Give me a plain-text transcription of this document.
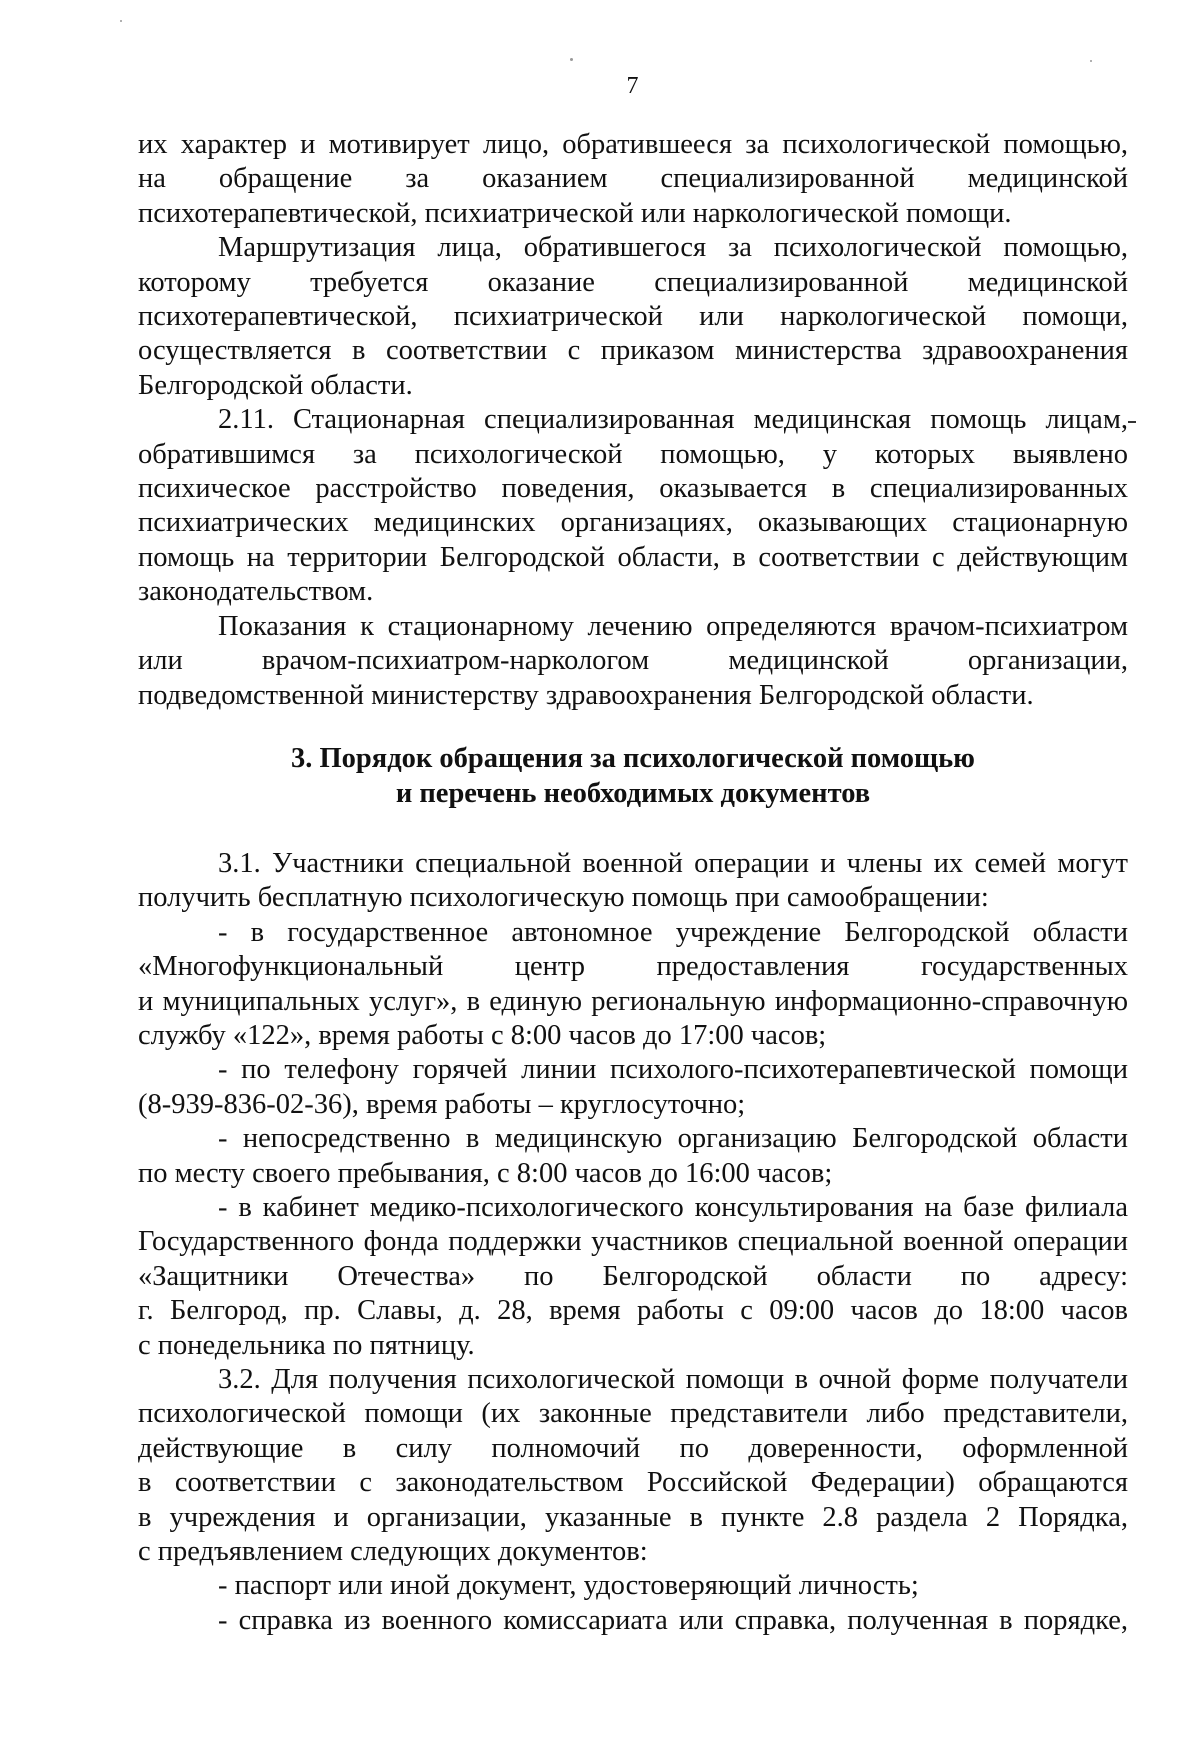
7
их характер и мотивирует лицо, обратившееся за психологической помощью,
на обращение за оказанием специализированной медицинской
психотерапевтической, психиатрической или наркологической помощи.
Маршрутизация лица, обратившегося за психологической помощью,
которому требуется оказание специализированной медицинской
психотерапевтической, психиатрической или наркологической помощи,
осуществляется в соответствии с приказом министерства здравоохранения
Белгородской области.
2.11. Стационарная специализированная медицинская помощь лицам,
обратившимся за психологической помощью, у которых выявлено
психическое расстройство поведения, оказывается в специализированных
психиатрических медицинских организациях, оказывающих стационарную
помощь на территории Белгородской области, в соответствии с действующим
законодательством.
Показания к стационарному лечению определяются врачом-психиатром
или врачом-психиатром-наркологом медицинской организации,
подведомственной министерству здравоохранения Белгородской области.
3. Порядок обращения за психологической помощью
и перечень необходимых документов
3.1. Участники специальной военной операции и члены их семей могут
получить бесплатную психологическую помощь при самообращении:
- в государственное автономное учреждение Белгородской области
«Многофункциональный центр предоставления государственных
и муниципальных услуг», в единую региональную информационно-справочную
службу «122», время работы с 8:00 часов до 17:00 часов;
- по телефону горячей линии психолого-психотерапевтической помощи
(8-939-836-02-36), время работы – круглосуточно;
- непосредственно в медицинскую организацию Белгородской области
по месту своего пребывания, с 8:00 часов до 16:00 часов;
- в кабинет медико-психологического консультирования на базе филиала
Государственного фонда поддержки участников специальной военной операции
«Защитники Отечества» по Белгородской области по адресу:
г. Белгород, пр. Славы, д. 28, время работы с 09:00 часов до 18:00 часов
с понедельника по пятницу.
3.2. Для получения психологической помощи в очной форме получатели
психологической помощи (их законные представители либо представители,
действующие в силу полномочий по доверенности, оформленной
в соответствии с законодательством Российской Федерации) обращаются
в учреждения и организации, указанные в пункте 2.8 раздела 2 Порядка,
с предъявлением следующих документов:
- паспорт или иной документ, удостоверяющий личность;
- справка из военного комиссариата или справка, полученная в порядке,
